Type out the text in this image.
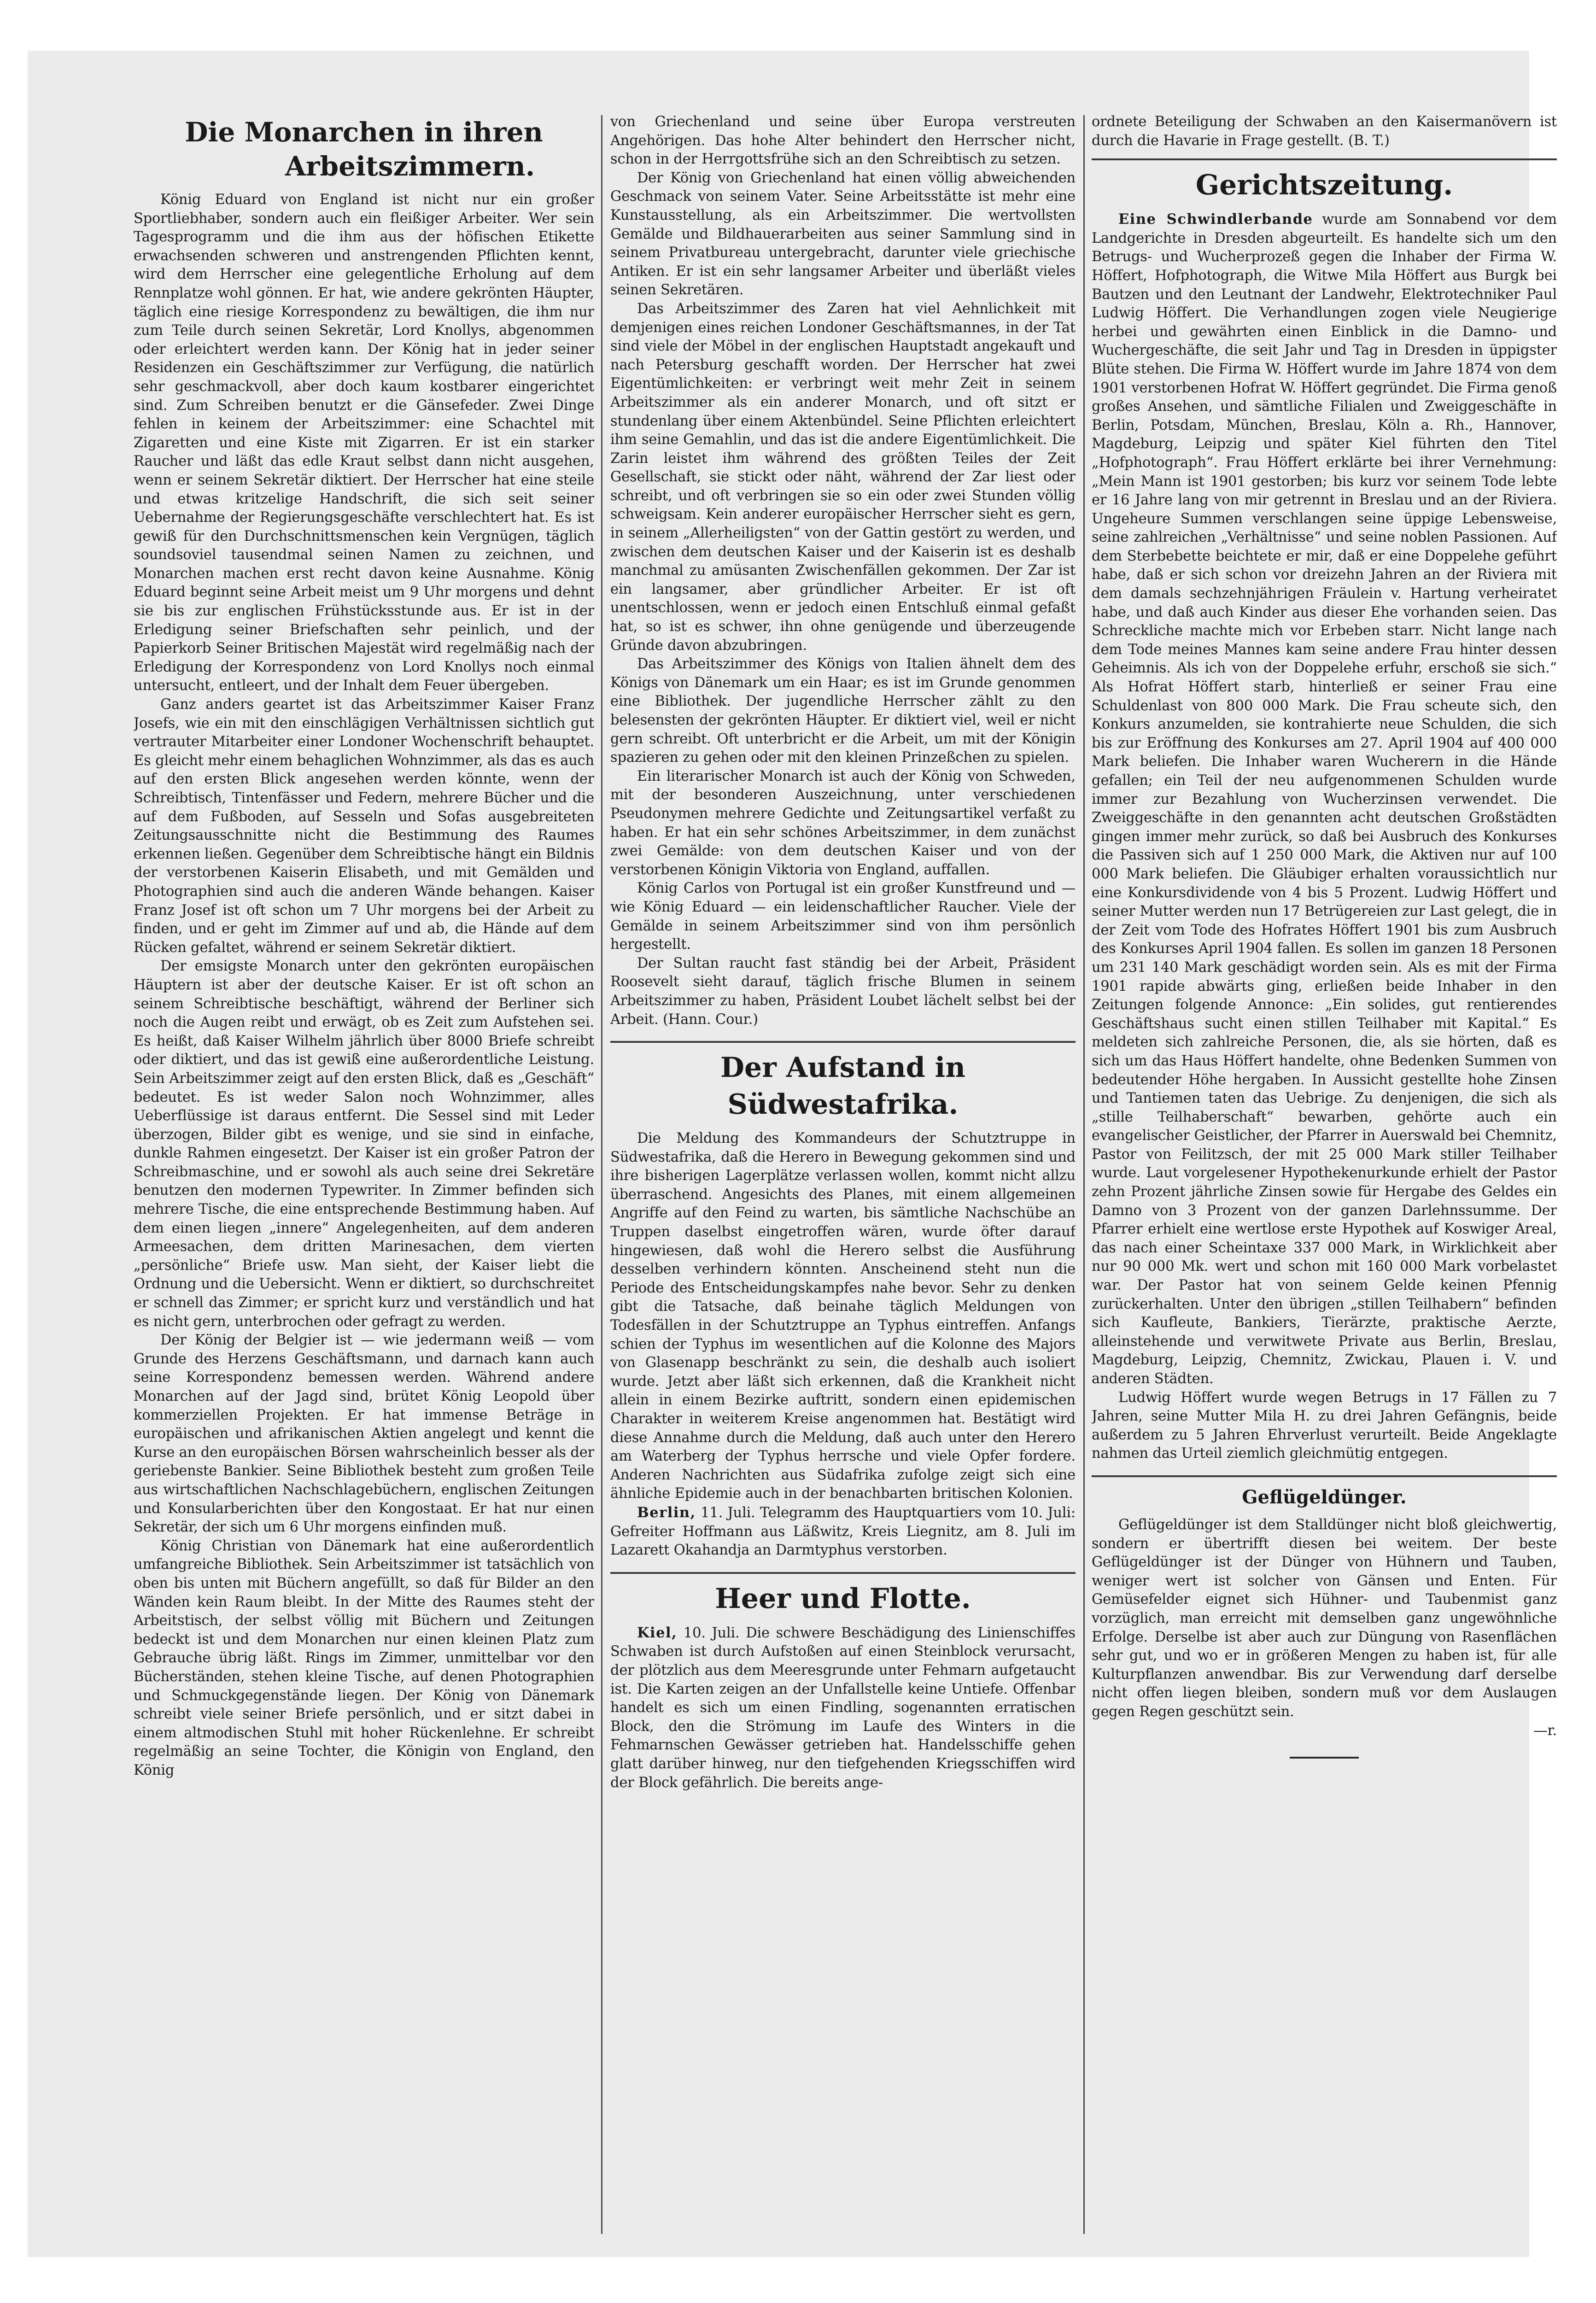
Die Monarchen in ihren
Arbeitszimmern.

König Eduard von England ist nicht nur ein großer Sportliebhaber, sondern auch ein fleißiger Arbeiter. Wer sein Tagesprogramm und die ihm aus der höfischen Etikette erwachsenden schweren und anstrengenden Pflichten kennt, wird dem Herrscher eine gelegentliche Erholung auf dem Rennplatze wohl gönnen. Er hat, wie andere gekrönten Häupter, täglich eine riesige Korrespondenz zu bewältigen, die ihm nur zum Teile durch seinen Sekretär, Lord Knollys, abgenommen oder erleichtert werden kann. Der König hat in jeder seiner Residenzen ein Geschäftszimmer zur Verfügung, die natürlich sehr geschmackvoll, aber doch kaum kostbarer eingerichtet sind. Zum Schreiben benutzt er die Gänsefeder. Zwei Dinge fehlen in keinem der Arbeitszimmer: eine Schachtel mit Zigaretten und eine Kiste mit Zigarren. Er ist ein starker Raucher und läßt das edle Kraut selbst dann nicht ausgehen, wenn er seinem Sekretär diktiert. Der Herrscher hat eine steile und etwas kritzelige Handschrift, die sich seit seiner Uebernahme der Regierungsgeschäfte verschlechtert hat. Es ist gewiß für den Durchschnittsmenschen kein Vergnügen, täglich soundsoviel tausendmal seinen Namen zu zeichnen, und Monarchen machen erst recht davon keine Ausnahme. König Eduard beginnt seine Arbeit meist um 9 Uhr morgens und dehnt sie bis zur englischen Frühstücksstunde aus. Er ist in der Erledigung seiner Briefschaften sehr peinlich, und der Papierkorb Seiner Britischen Majestät wird regelmäßig nach der Erledigung der Korrespondenz von Lord Knollys noch einmal untersucht, entleert, und der Inhalt dem Feuer übergeben.

Ganz anders geartet ist das Arbeitszimmer Kaiser Franz Josefs, wie ein mit den einschlägigen Verhältnissen sichtlich gut vertrauter Mitarbeiter einer Londoner Wochenschrift behauptet. Es gleicht mehr einem behaglichen Wohnzimmer, als das es auch auf den ersten Blick angesehen werden könnte, wenn der Schreibtisch, Tintenfässer und Federn, mehrere Bücher und die auf dem Fußboden, auf Sesseln und Sofas ausgebreiteten Zeitungsausschnitte nicht die Bestimmung des Raumes erkennen ließen. Gegenüber dem Schreibtische hängt ein Bildnis der verstorbenen Kaiserin Elisabeth, und mit Gemälden und Photographien sind auch die anderen Wände behangen. Kaiser Franz Josef ist oft schon um 7 Uhr morgens bei der Arbeit zu finden, und er geht im Zimmer auf und ab, die Hände auf dem Rücken gefaltet, während er seinem Sekretär diktiert.

Der emsigste Monarch unter den gekrönten europäischen Häuptern ist aber der deutsche Kaiser. Er ist oft schon an seinem Schreibtische beschäftigt, während der Berliner sich noch die Augen reibt und erwägt, ob es Zeit zum Aufstehen sei. Es heißt, daß Kaiser Wilhelm jährlich über 8000 Briefe schreibt oder diktiert, und das ist gewiß eine außerordentliche Leistung. Sein Arbeitszimmer zeigt auf den ersten Blick, daß es „Geschäft“ bedeutet. Es ist weder Salon noch Wohnzimmer, alles Ueberflüssige ist daraus entfernt. Die Sessel sind mit Leder überzogen, Bilder gibt es wenige, und sie sind in einfache, dunkle Rahmen eingesetzt. Der Kaiser ist ein großer Patron der Schreibmaschine, und er sowohl als auch seine drei Sekretäre benutzen den modernen Typewriter. In Zimmer befinden sich mehrere Tische, die eine entsprechende Bestimmung haben. Auf dem einen liegen „innere“ Angelegenheiten, auf dem anderen Armeesachen, dem dritten Marinesachen, dem vierten „persönliche“ Briefe usw. Man sieht, der Kaiser liebt die Ordnung und die Uebersicht. Wenn er diktiert, so durchschreitet er schnell das Zimmer; er spricht kurz und verständlich und hat es nicht gern, unterbrochen oder gefragt zu werden.

Der König der Belgier ist — wie jedermann weiß — vom Grunde des Herzens Geschäftsmann, und darnach kann auch seine Korrespondenz bemessen werden. Während andere Monarchen auf der Jagd sind, brütet König Leopold über kommerziellen Projekten. Er hat immense Beträge in europäischen und afrikanischen Aktien angelegt und kennt die Kurse an den europäischen Börsen wahrscheinlich besser als der geriebenste Bankier. Seine Bibliothek besteht zum großen Teile aus wirtschaftlichen Nachschlagebüchern, englischen Zeitungen und Konsularberichten über den Kongostaat. Er hat nur einen Sekretär, der sich um 6 Uhr morgens einfinden muß.

König Christian von Dänemark hat eine außerordentlich umfangreiche Bibliothek. Sein Arbeitszimmer ist tatsächlich von oben bis unten mit Büchern angefüllt, so daß für Bilder an den Wänden kein Raum bleibt. In der Mitte des Raumes steht der Arbeitstisch, der selbst völlig mit Büchern und Zeitungen bedeckt ist und dem Monarchen nur einen kleinen Platz zum Gebrauche übrig läßt. Rings im Zimmer, unmittelbar vor den Bücherständen, stehen kleine Tische, auf denen Photographien und Schmuckgegenstände liegen. Der König von Dänemark schreibt viele seiner Briefe persönlich, und er sitzt dabei in einem altmodischen Stuhl mit hoher Rückenlehne. Er schreibt regelmäßig an seine Tochter, die Königin von England, den König

von Griechenland und seine über Europa verstreuten Angehörigen. Das hohe Alter behindert den Herrscher nicht, schon in der Herrgottsfrühe sich an den Schreibtisch zu setzen.

Der König von Griechenland hat einen völlig abweichenden Geschmack von seinem Vater. Seine Arbeitsstätte ist mehr eine Kunstausstellung, als ein Arbeitszimmer. Die wertvollsten Gemälde und Bildhauerarbeiten aus seiner Sammlung sind in seinem Privatbureau untergebracht, darunter viele griechische Antiken. Er ist ein sehr langsamer Arbeiter und überläßt vieles seinen Sekretären.

Das Arbeitszimmer des Zaren hat viel Aehnlichkeit mit demjenigen eines reichen Londoner Geschäftsmannes, in der Tat sind viele der Möbel in der englischen Hauptstadt angekauft und nach Petersburg geschafft worden. Der Herrscher hat zwei Eigentümlichkeiten: er verbringt weit mehr Zeit in seinem Arbeitszimmer als ein anderer Monarch, und oft sitzt er stundenlang über einem Aktenbündel. Seine Pflichten erleichtert ihm seine Gemahlin, und das ist die andere Eigentümlichkeit. Die Zarin leistet ihm während des größten Teiles der Zeit Gesellschaft, sie stickt oder näht, während der Zar liest oder schreibt, und oft verbringen sie so ein oder zwei Stunden völlig schweigsam. Kein anderer europäischer Herrscher sieht es gern, in seinem „Allerheiligsten“ von der Gattin gestört zu werden, und zwischen dem deutschen Kaiser und der Kaiserin ist es deshalb manchmal zu amüsanten Zwischenfällen gekommen. Der Zar ist ein langsamer, aber gründlicher Arbeiter. Er ist oft unentschlossen, wenn er jedoch einen Entschluß einmal gefaßt hat, so ist es schwer, ihn ohne genügende und überzeugende Gründe davon abzubringen.

Das Arbeitszimmer des Königs von Italien ähnelt dem des Königs von Dänemark um ein Haar; es ist im Grunde genommen eine Bibliothek. Der jugendliche Herrscher zählt zu den belesensten der gekrönten Häupter. Er diktiert viel, weil er nicht gern schreibt. Oft unterbricht er die Arbeit, um mit der Königin spazieren zu gehen oder mit den kleinen Prinzeßchen zu spielen.

Ein literarischer Monarch ist auch der König von Schweden, mit der besonderen Auszeichnung, unter verschiedenen Pseudonymen mehrere Gedichte und Zeitungsartikel verfaßt zu haben. Er hat ein sehr schönes Arbeitszimmer, in dem zunächst zwei Gemälde: von dem deutschen Kaiser und von der verstorbenen Königin Viktoria von England, auffallen.

König Carlos von Portugal ist ein großer Kunstfreund und — wie König Eduard — ein leidenschaftlicher Raucher. Viele der Gemälde in seinem Arbeitszimmer sind von ihm persönlich hergestellt.

Der Sultan raucht fast ständig bei der Arbeit, Präsident Roosevelt sieht darauf, täglich frische Blumen in seinem Arbeitszimmer zu haben, Präsident Loubet lächelt selbst bei der Arbeit. (Hann. Cour.)

Der Aufstand in Südwestafrika.

Die Meldung des Kommandeurs der Schutztruppe in Südwestafrika, daß die Herero in Bewegung gekommen sind und ihre bisherigen Lagerplätze verlassen wollen, kommt nicht allzu überraschend. Angesichts des Planes, mit einem allgemeinen Angriffe auf den Feind zu warten, bis sämtliche Nachschübe an Truppen daselbst eingetroffen wären, wurde öfter darauf hingewiesen, daß wohl die Herero selbst die Ausführung desselben verhindern könnten. Anscheinend steht nun die Periode des Entscheidungskampfes nahe bevor. Sehr zu denken gibt die Tatsache, daß beinahe täglich Meldungen von Todesfällen in der Schutztruppe an Typhus eintreffen. Anfangs schien der Typhus im wesentlichen auf die Kolonne des Majors von Glasenapp beschränkt zu sein, die deshalb auch isoliert wurde. Jetzt aber läßt sich erkennen, daß die Krankheit nicht allein in einem Bezirke auftritt, sondern einen epidemischen Charakter in weiterem Kreise angenommen hat. Bestätigt wird diese Annahme durch die Meldung, daß auch unter den Herero am Waterberg der Typhus herrsche und viele Opfer fordere. Anderen Nachrichten aus Südafrika zufolge zeigt sich eine ähnliche Epidemie auch in der benachbarten britischen Kolonien.

Berlin, 11. Juli. Telegramm des Hauptquartiers vom 10. Juli: Gefreiter Hoffmann aus Läßwitz, Kreis Liegnitz, am 8. Juli im Lazarett Okahandja an Darmtyphus verstorben.

Heer und Flotte.

Kiel, 10. Juli. Die schwere Beschädigung des Linienschiffes Schwaben ist durch Aufstoßen auf einen Steinblock verursacht, der plötzlich aus dem Meeresgrunde unter Fehmarn aufgetaucht ist. Die Karten zeigen an der Unfallstelle keine Untiefe. Offenbar handelt es sich um einen Findling, sogenannten erratischen Block, den die Strömung im Laufe des Winters in die Fehmarnschen Gewässer getrieben hat. Handelsschiffe gehen glatt darüber hinweg, nur den tiefgehenden Kriegsschiffen wird der Block gefährlich. Die bereits ange-

ordnete Beteiligung der Schwaben an den Kaisermanövern ist durch die Havarie in Frage gestellt. (B. T.)

Gerichtszeitung.

Eine Schwindlerbande wurde am Sonnabend vor dem Landgerichte in Dresden abgeurteilt. Es handelte sich um den Betrugs- und Wucherprozeß gegen die Inhaber der Firma W. Höffert, Hofphotograph, die Witwe Mila Höffert aus Burgk bei Bautzen und den Leutnant der Landwehr, Elektrotechniker Paul Ludwig Höffert. Die Verhandlungen zogen viele Neugierige herbei und gewährten einen Einblick in die Damno- und Wuchergeschäfte, die seit Jahr und Tag in Dresden in üppigster Blüte stehen. Die Firma W. Höffert wurde im Jahre 1874 von dem 1901 verstorbenen Hofrat W. Höffert gegründet. Die Firma genoß großes Ansehen, und sämtliche Filialen und Zweiggeschäfte in Berlin, Potsdam, München, Breslau, Köln a. Rh., Hannover, Magdeburg, Leipzig und später Kiel führten den Titel „Hofphotograph“. Frau Höffert erklärte bei ihrer Vernehmung: „Mein Mann ist 1901 gestorben; bis kurz vor seinem Tode lebte er 16 Jahre lang von mir getrennt in Breslau und an der Riviera. Ungeheure Summen verschlangen seine üppige Lebensweise, seine zahlreichen „Verhältnisse“ und seine noblen Passionen. Auf dem Sterbebette beichtete er mir, daß er eine Doppelehe geführt habe, daß er sich schon vor dreizehn Jahren an der Riviera mit dem damals sechzehnjährigen Fräulein v. Hartung verheiratet habe, und daß auch Kinder aus dieser Ehe vorhanden seien. Das Schreckliche machte mich vor Erbeben starr. Nicht lange nach dem Tode meines Mannes kam seine andere Frau hinter dessen Geheimnis. Als ich von der Doppelehe erfuhr, erschoß sie sich.“ Als Hofrat Höffert starb, hinterließ er seiner Frau eine Schuldenlast von 800 000 Mark. Die Frau scheute sich, den Konkurs anzumelden, sie kontrahierte neue Schulden, die sich bis zur Eröffnung des Konkurses am 27. April 1904 auf 400 000 Mark beliefen. Die Inhaber waren Wucherern in die Hände gefallen; ein Teil der neu aufgenommenen Schulden wurde immer zur Bezahlung von Wucherzinsen verwendet. Die Zweiggeschäfte in den genannten acht deutschen Großstädten gingen immer mehr zurück, so daß bei Ausbruch des Konkurses die Passiven sich auf 1 250 000 Mark, die Aktiven nur auf 100 000 Mark beliefen. Die Gläubiger erhalten voraussichtlich nur eine Konkursdividende von 4 bis 5 Prozent. Ludwig Höffert und seiner Mutter werden nun 17 Betrügereien zur Last gelegt, die in der Zeit vom Tode des Hofrates Höffert 1901 bis zum Ausbruch des Konkurses April 1904 fallen. Es sollen im ganzen 18 Personen um 231 140 Mark geschädigt worden sein. Als es mit der Firma 1901 rapide abwärts ging, erließen beide Inhaber in den Zeitungen folgende Annonce: „Ein solides, gut rentierendes Geschäftshaus sucht einen stillen Teilhaber mit Kapital.“ Es meldeten sich zahlreiche Personen, die, als sie hörten, daß es sich um das Haus Höffert handelte, ohne Bedenken Summen von bedeutender Höhe hergaben. In Aussicht gestellte hohe Zinsen und Tantiemen taten das Uebrige. Zu denjenigen, die sich als „stille Teilhaberschaft“ bewarben, gehörte auch ein evangelischer Geistlicher, der Pfarrer in Auerswald bei Chemnitz, Pastor von Feilitzsch, der mit 25 000 Mark stiller Teilhaber wurde. Laut vorgelesener Hypothekenurkunde erhielt der Pastor zehn Prozent jährliche Zinsen sowie für Hergabe des Geldes ein Damno von 3 Prozent von der ganzen Darlehnssumme. Der Pfarrer erhielt eine wertlose erste Hypothek auf Koswiger Areal, das nach einer Scheintaxe 337 000 Mark, in Wirklichkeit aber nur 90 000 Mk. wert und schon mit 160 000 Mark vorbelastet war. Der Pastor hat von seinem Gelde keinen Pfennig zurückerhalten. Unter den übrigen „stillen Teilhabern“ befinden sich Kaufleute, Bankiers, Tierärzte, praktische Aerzte, alleinstehende und verwitwete Private aus Berlin, Breslau, Magdeburg, Leipzig, Chemnitz, Zwickau, Plauen i. V. und anderen Städten.

Ludwig Höffert wurde wegen Betrugs in 17 Fällen zu 7 Jahren, seine Mutter Mila H. zu drei Jahren Gefängnis, beide außerdem zu 5 Jahren Ehrverlust verurteilt. Beide Angeklagte nahmen das Urteil ziemlich gleichmütig entgegen.

Geflügeldünger.

Geflügeldünger ist dem Stalldünger nicht bloß gleichwertig, sondern er übertrifft diesen bei weitem. Der beste Geflügeldünger ist der Dünger von Hühnern und Tauben, weniger wert ist solcher von Gänsen und Enten. Für Gemüsefelder eignet sich Hühner- und Taubenmist ganz vorzüglich, man erreicht mit demselben ganz ungewöhnliche Erfolge. Derselbe ist aber auch zur Düngung von Rasenflächen sehr gut, und wo er in größeren Mengen zu haben ist, für alle Kulturpflanzen anwendbar. Bis zur Verwendung darf derselbe nicht offen liegen bleiben, sondern muß vor dem Auslaugen gegen Regen geschützt sein.

—r.
